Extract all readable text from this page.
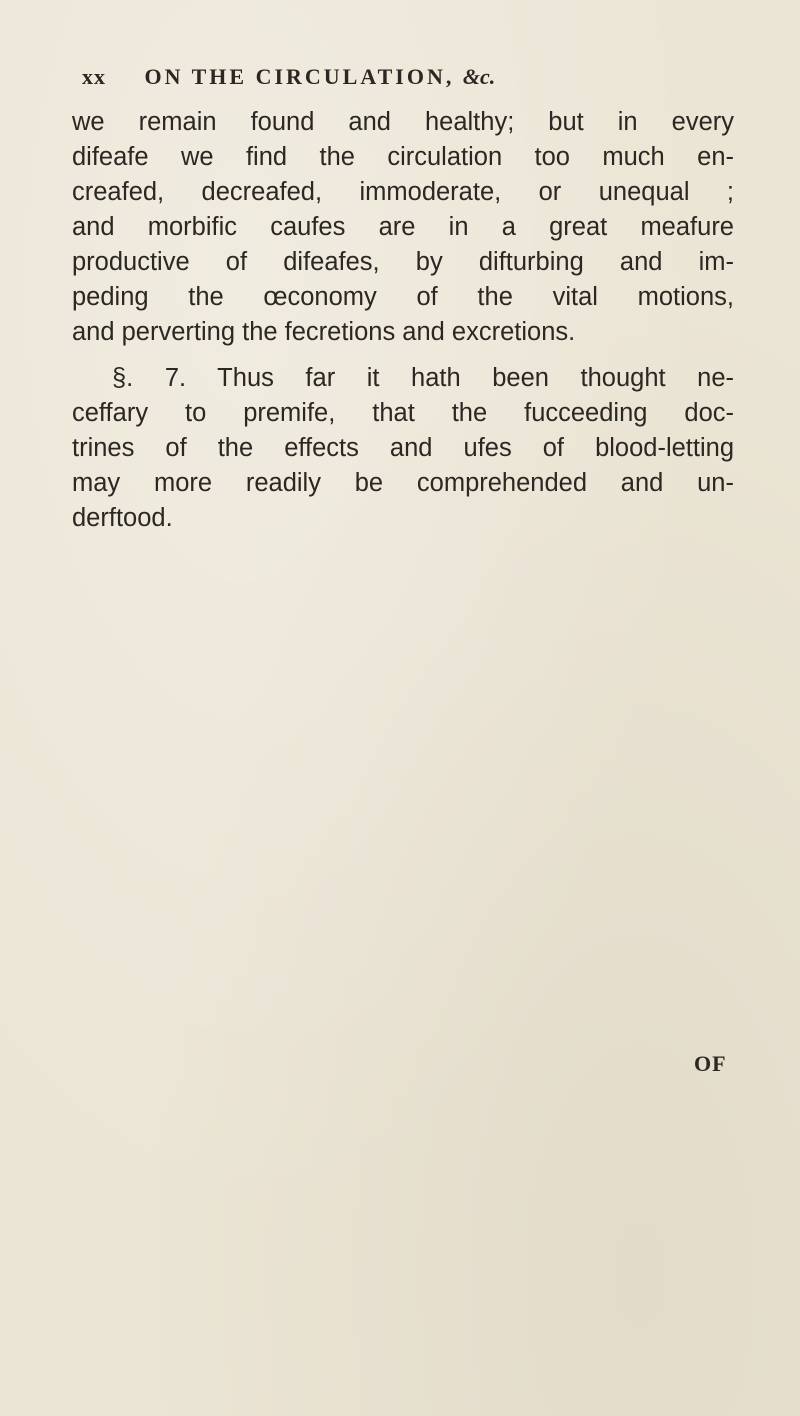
xx ON THE CIRCULATION, &c.
we remain found and healthy; but in every
difeafe we find the circulation too much en-
creafed, decreafed, immoderate, or unequal ;
and morbific caufes are in a great meafure
productive of difeafes, by difturbing and im-
peding the œconomy of the vital motions,
and perverting the fecretions and excretions.
§. 7. Thus far it hath been thought ne-
ceffary to premife, that the fucceeding doc-
trines of the effects and ufes of blood-letting
may more readily be comprehended and un-
derftood.
OF
